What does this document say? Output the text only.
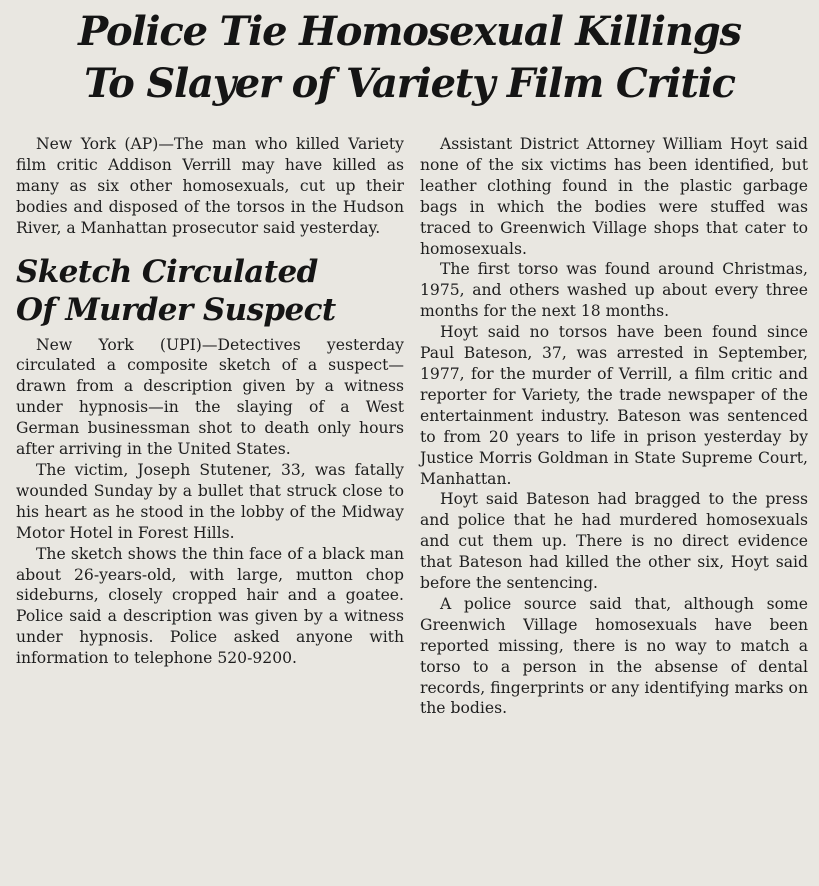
Police Tie Homosexual Killings
To Slayer of Variety Film Critic

New York (AP)—The man who killed Variety film critic Addison Verrill may have killed as many as six other homosexuals, cut up their bodies and disposed of the torsos in the Hudson River, a Manhattan prosecutor said yesterday.

Sketch Circulated
Of Murder Suspect

New York (UPI)—Detectives yesterday circulated a composite sketch of a suspect—drawn from a description given by a witness under hypnosis—in the slaying of a West German businessman shot to death only hours after arriving in the United States.

The victim, Joseph Stutener, 33, was fatally wounded Sunday by a bullet that struck close to his heart as he stood in the lobby of the Midway Motor Hotel in Forest Hills.

The sketch shows the thin face of a black man about 26-years-old, with large, mutton chop sideburns, closely cropped hair and a goatee. Police said a description was given by a witness under hypnosis. Police asked anyone with information to telephone 520-9200.

Assistant District Attorney William Hoyt said none of the six victims has been identified, but leather clothing found in the plastic garbage bags in which the bodies were stuffed was traced to Greenwich Village shops that cater to homosexuals.

The first torso was found around Christmas, 1975, and others washed up about every three months for the next 18 months.

Hoyt said no torsos have been found since Paul Bateson, 37, was arrested in September, 1977, for the murder of Verrill, a film critic and reporter for Variety, the trade newspaper of the entertainment industry. Bateson was sentenced to from 20 years to life in prison yesterday by Justice Morris Goldman in State Supreme Court, Manhattan.

Hoyt said Bateson had bragged to the press and police that he had murdered homosexuals and cut them up. There is no direct evidence that Bateson had killed the other six, Hoyt said before the sentencing.

A police source said that, although some Greenwich Village homosexuals have been reported missing, there is no way to match a torso to a person in the absense of dental records, fingerprints or any identifying marks on the bodies.
